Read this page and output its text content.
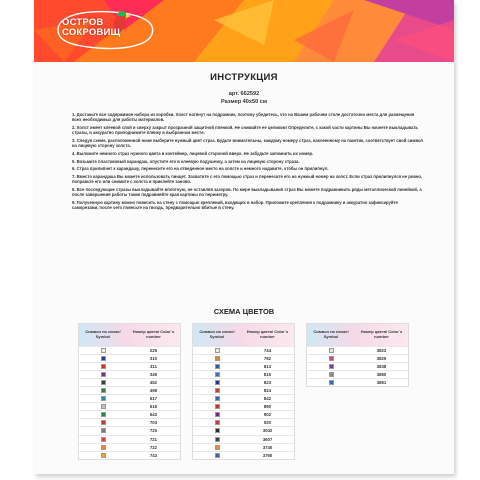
ОСТРОВ
СОКРОВИЩ
ИНСТРУКЦИЯ
арт. 662592
Размер 40x50 см

1. Достаньте все содержимое набора из коробки. Холст натянут на подрамник, поэтому убедитесь, что на Вашем рабочем столе достаточно места для размещения всех необходимых для работы материалов.

2. Холст имеет клеевой слой и сверху закрыт прозрачной защитной пленкой. Не снимайте ее целиком! Определите, с какой части картины Вы начнете выкладывать стразы, и аккуратно приподнимите пленку в выбранном месте.

3. Следуя схеме, расположенной ниже выберите нужный цвет страз. Будьте внимательны, каждому номеру страз, наклеенному на пакетик, соответствует свой символ на лицевую сторону холста.

4. Выложите немного страз нужного цвета в контейнер, лицевой стороной вверх. Не забудьте запомнить их номер.

5. Возьмите пластиковый карандаш, опустите его в клеевую подушечку, а затем на лицевую сторону страза.

6. Страз прилипнет к карандашу, перенесите его на отведенное место на холсте и немного надавите, чтобы он прилипнул.

7. Вместо карандаша Вы можете использовать пинцет. Захватите с его помощью страз и перенесите его на нужный номер на холст. Если страз прилипнулся не ровно, поправьте его или снимите с холста и приклейте заново.

8. Все последующие стразы выкладывайте вплотную, не оставляя зазоров. По мере выкладывания страз Вы можете подравнивать ряды металлической линейкой, а после завершения работы также подравняйте края картины по периметру.

9. Полученную картину можно повесить на стену с помощью креплений, входящих в набор. Приложите крепления к подрамнику и аккуратно зафиксируйте саморезами, после чего повесьте на гвоздь, предварительно вбитые в стену.

СХЕМА ЦВЕТОВ
Символ на схеме/ Symbol
Номер цвета/ Color`s number
225
310
311
349
452
498
517
518
543
703
720
721
722
743
Символ на схеме/ Symbol
Номер цвета/ Color`s number
744
792
813
815
823
824
842
890
902
920
3042
3607
3740
3760
Символ на схеме/ Symbol
Номер цвета/ Color`s number
3823
3825
3838
3860
3861
